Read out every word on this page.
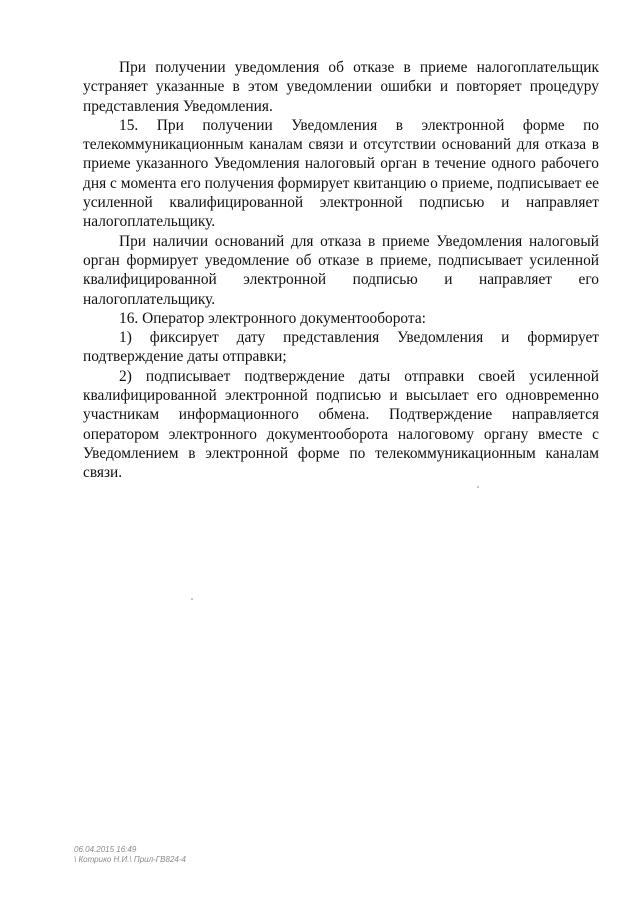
При получении уведомления об отказе в приеме налогоплательщик устраняет указанные в этом уведомлении ошибки и повторяет процедуру представления Уведомления.

15. При получении Уведомления в электронной форме по телекоммуникационным каналам связи и отсутствии оснований для отказа в приеме указанного Уведомления налоговый орган в течение одного рабочего дня с момента его получения формирует квитанцию о приеме, подписывает ее усиленной квалифицированной электронной подписью и направляет налогоплательщику.

При наличии оснований для отказа в приеме Уведомления налоговый орган формирует уведомление об отказе в приеме, подписывает усиленной квалифицированной электронной подписью и направляет его налогоплательщику.

16. Оператор электронного документооборота:

1) фиксирует дату представления Уведомления и формирует подтверждение даты отправки;

2) подписывает подтверждение даты отправки своей усиленной квалифицированной электронной подписью и высылает его одновременно участникам информационного обмена. Подтверждение направляется оператором электронного документооборота налоговому органу вместе с Уведомлением в электронной форме по телекоммуникационным каналам связи.

06.04.2015 16:49
\ Котрико Н.И.\ Прил-ГВ824-4
